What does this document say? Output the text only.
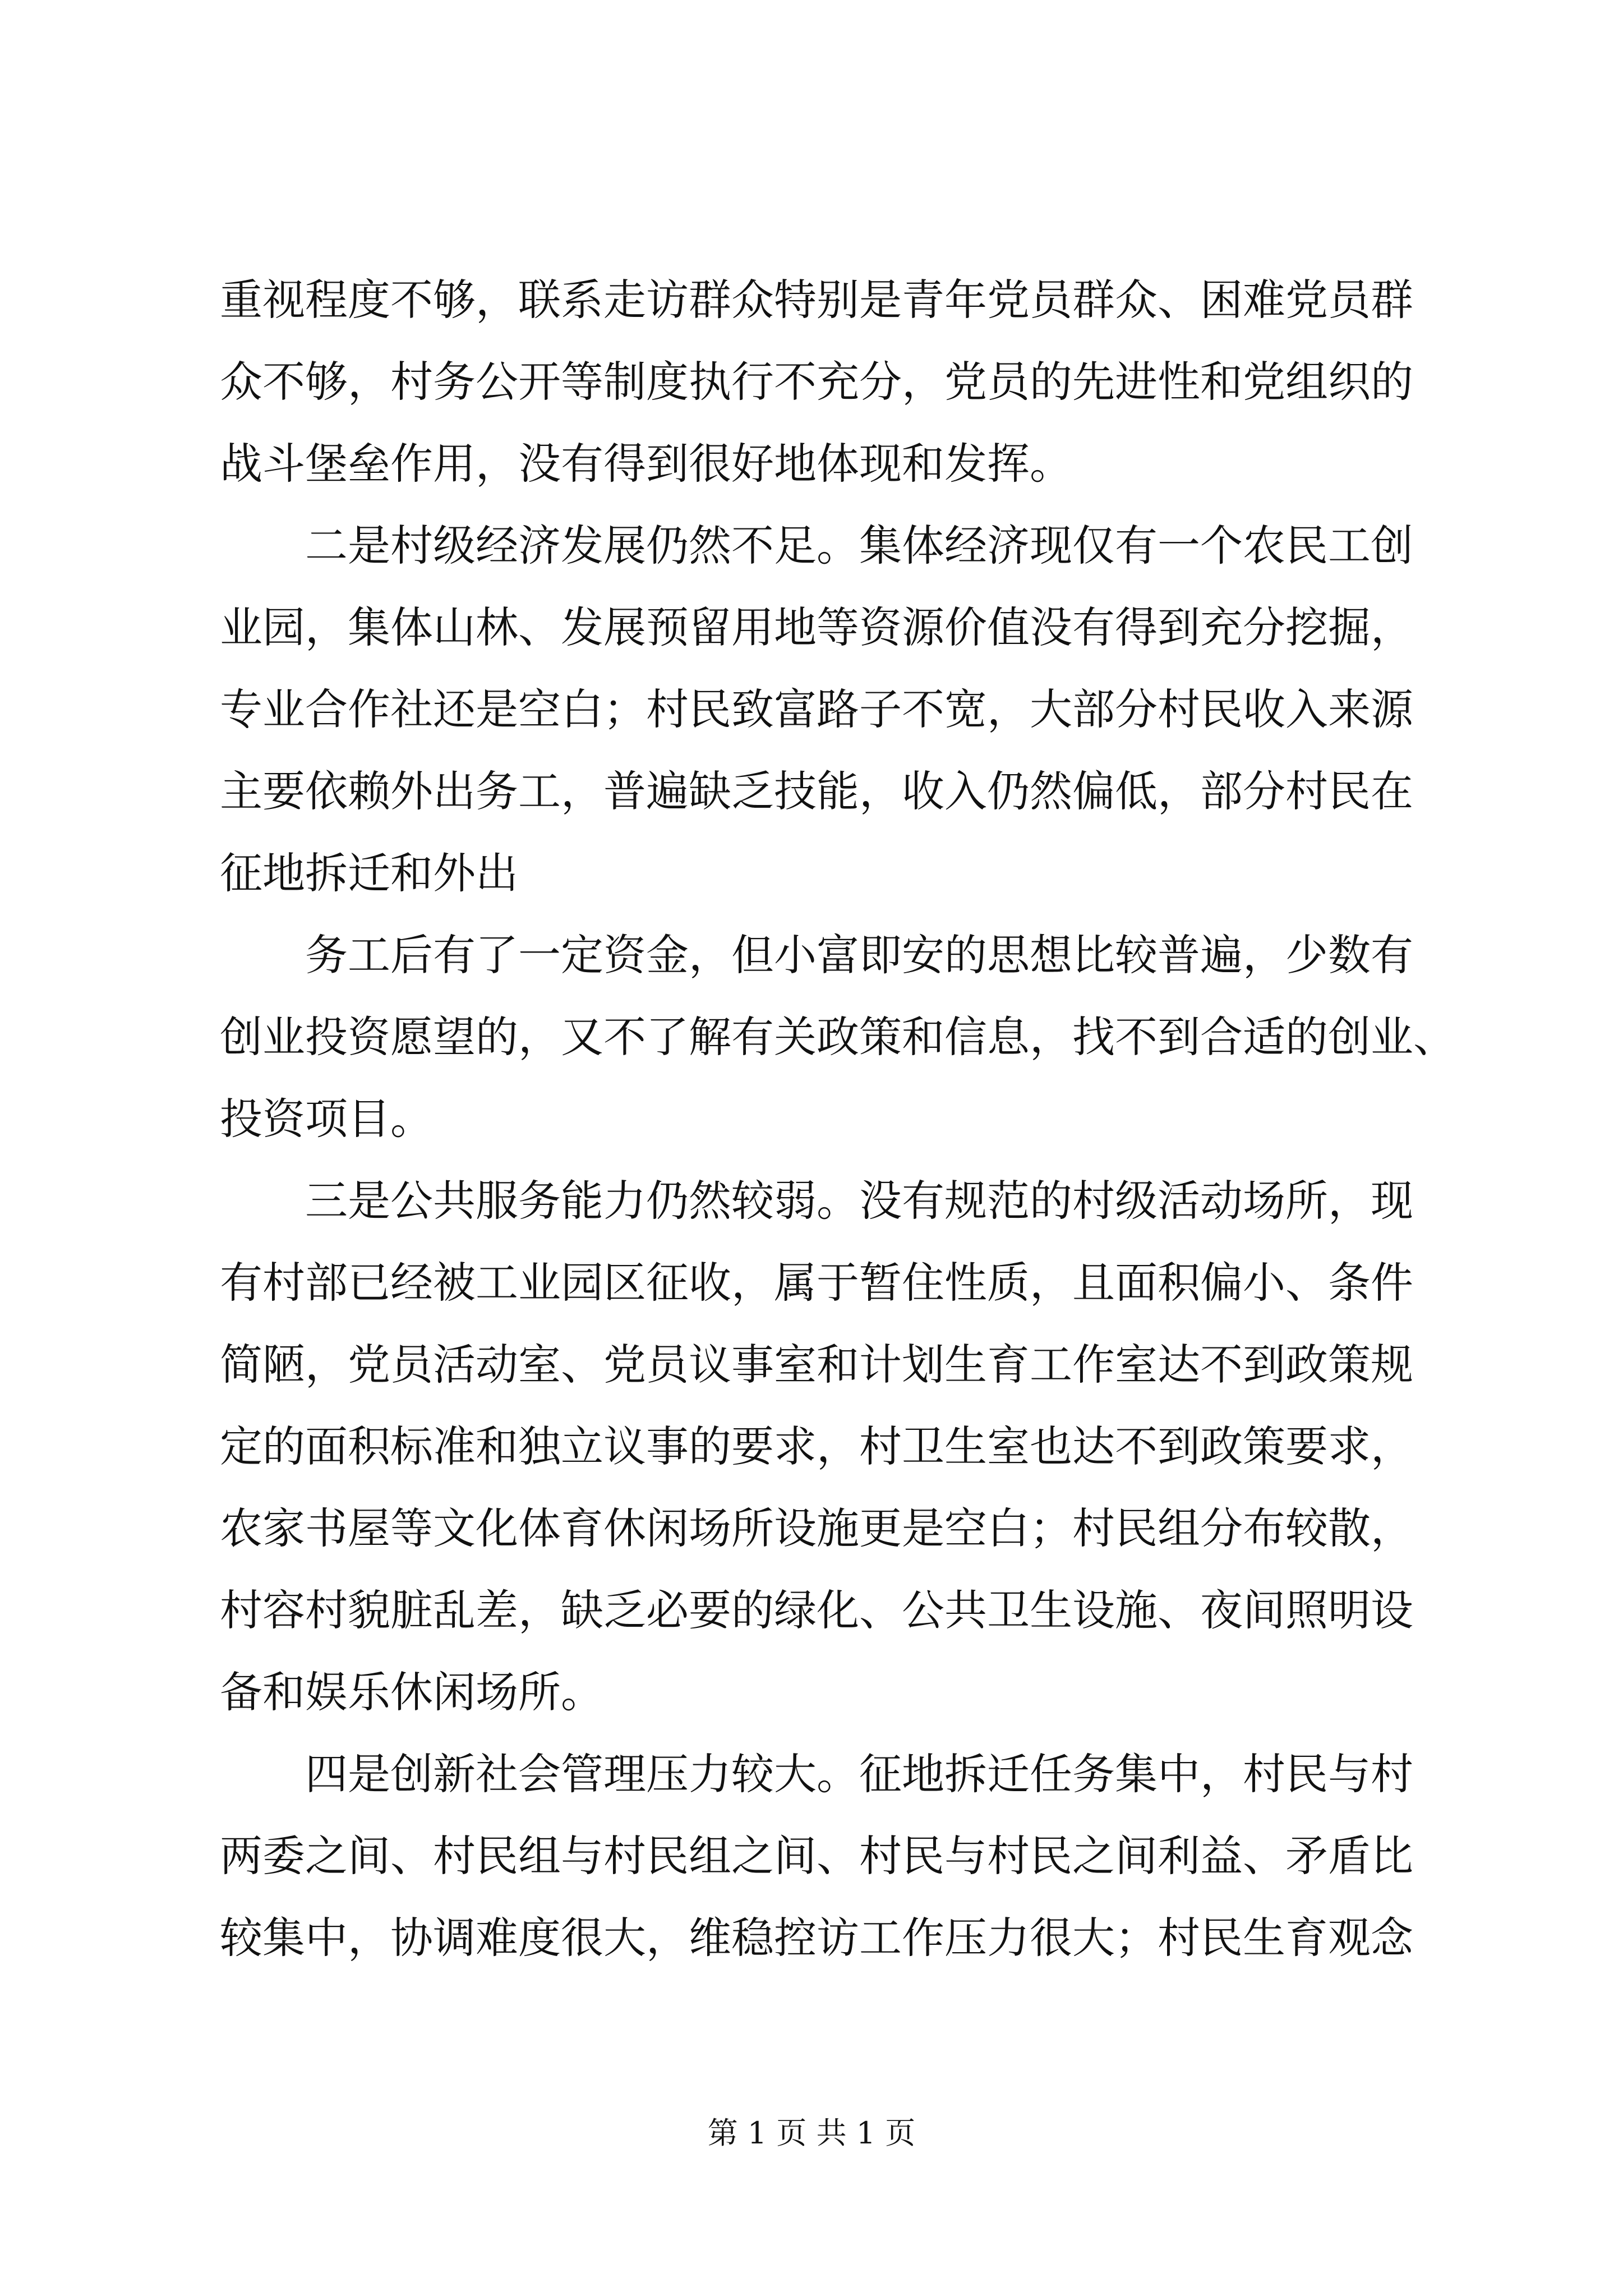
重视程度不够，联系走访群众特别是青年党员群众、困难党员群
众不够，村务公开等制度执行不充分，党员的先进性和党组织的
战斗堡垒作用，没有得到很好地体现和发挥。
二是村级经济发展仍然不足。集体经济现仅有一个农民工创
业园，集体山林、发展预留用地等资源价值没有得到充分挖掘，
专业合作社还是空白；村民致富路子不宽，大部分村民收入来源
主要依赖外出务工，普遍缺乏技能，收入仍然偏低，部分村民在
征地拆迁和外出
务工后有了一定资金，但小富即安的思想比较普遍，少数有
创业投资愿望的，又不了解有关政策和信息，找不到合适的创业、
投资项目。
三是公共服务能力仍然较弱。没有规范的村级活动场所，现
有村部已经被工业园区征收，属于暂住性质，且面积偏小、条件
简陋，党员活动室、党员议事室和计划生育工作室达不到政策规
定的面积标准和独立议事的要求，村卫生室也达不到政策要求，
农家书屋等文化体育休闲场所设施更是空白；村民组分布较散，
村容村貌脏乱差，缺乏必要的绿化、公共卫生设施、夜间照明设
备和娱乐休闲场所。
四是创新社会管理压力较大。征地拆迁任务集中，村民与村
两委之间、村民组与村民组之间、村民与村民之间利益、矛盾比
较集中，协调难度很大，维稳控访工作压力很大；村民生育观念
第 1 页 共 1 页
